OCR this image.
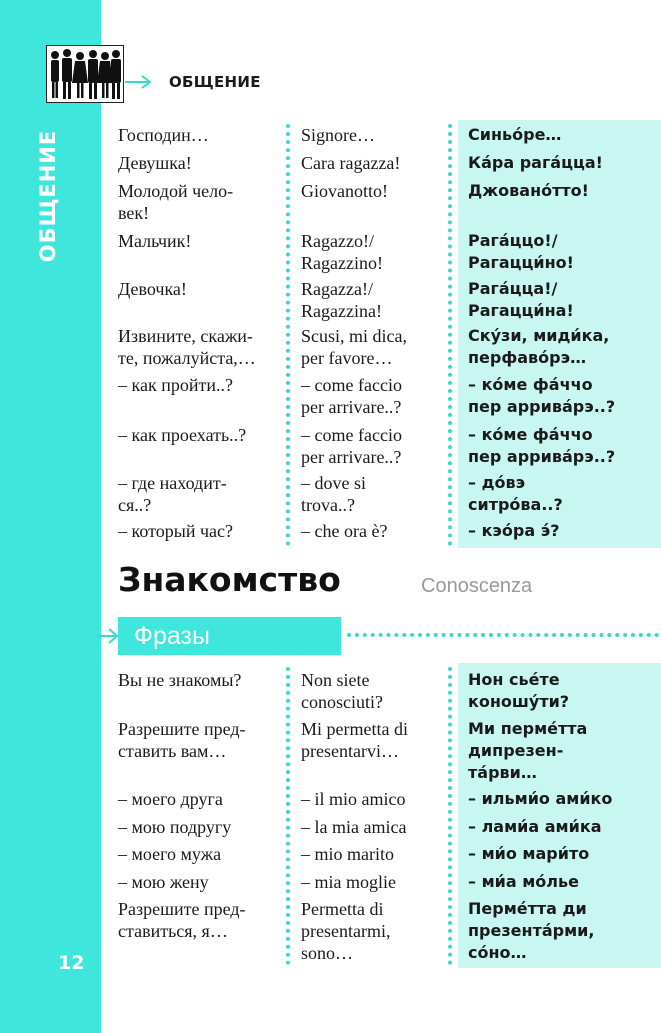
ОБЩЕНИЕ
12
ОБЩЕНИЕ
Господин…
Девушка!
Молодой чело-
век!
Мальчик!
Девочка!
Извините, скажи-
те, пожалуйста,…
– как пройти..?
– как проехать..?
– где находит-
ся..?
– который час?
Signore…
Cara ragazza!
Giovanotto!
Ragazzo!/
Ragazzino!
Ragazza!/
Ragazzina!
Scusi, mi dica,
per favore…
– come faccio
per arrivare..?
– come faccio
per arrivare..?
– dove si
trova..?
– che ora è?
Синьо́ре…
Ка́ра рага́цца!
Джовано́тто!
Рага́ццо!/
Рагацци́но!
Рага́цца!/
Рагацци́на!
Ску́зи, миди́ка,
перфаво́рэ…
– ко́ме фа́ччо
пер арривáрэ..?
– ко́ме фа́ччо
пер арривáрэ..?
– до́вэ
ситро́ва..?
– кэо́ра э́?
Знакомство	Conoscenza
Фразы
Вы не знакомы?
Разрешите пред-
ставить вам…
– моего друга
– мою подругу
– моего мужа
– мою жену
Разрешите пред-
ставиться, я…
Non siete
conosciuti?
Mi permetta di
presentarvi…
– il mio amico
– la mia amica
– mio marito
– mia moglie
Permetta di
presentarmi,
sono…
Нон сьéте
коношу́ти?
Ми перме́тта
дипрезен-
та́рви…
– ильми́о ами́ко
– лами́а ами́ка
– ми́о мари́то
– ми́а мо́лье
Перме́тта ди
презента́рми,
со́но…
